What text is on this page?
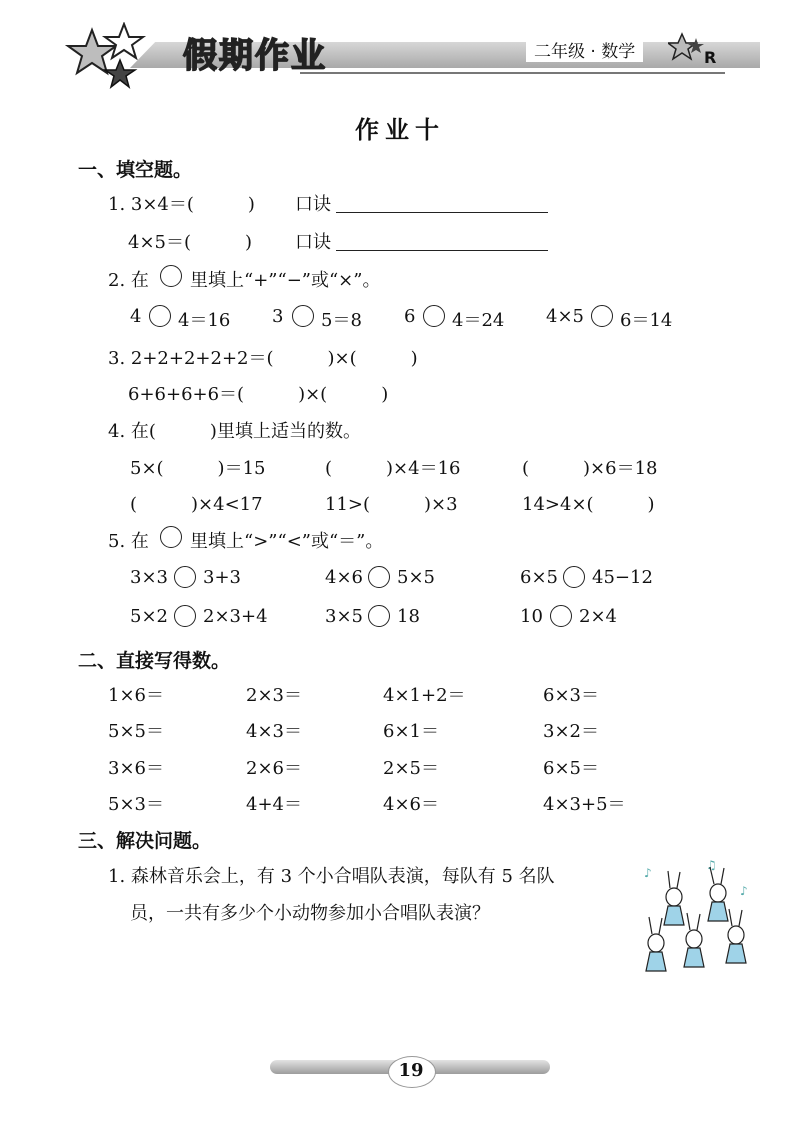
假期作业	二年级 · 数学	R
作业十
一、填空题。
1. 3×4＝(　　　) 口诀
4×5＝(　　　) 口诀
2. 在 里填上“+”“−”或“×”。
4 4＝16 3 5＝8 6 4＝24 4×5 6＝14
3. 2+2+2+2+2＝(　　　)×(　　　)
6+6+6+6＝(　　　)×(　　　)
4. 在(　　　)里填上适当的数。
5×(　　　)＝15	(　　　)×4＝16	(　　　)×6＝18
(　　　)×4<17	11>(　　　)×3	14>4×(　　　)
5. 在 里填上“>”“<”或“＝”。
3×3 3+3	4×6 5×5	6×5 45−12
5×2 2×3+4	3×5 18	10 2×4
二、直接写得数。
1×6＝	2×3＝	4×1+2＝	6×3＝
5×5＝	4×3＝	6×1＝	3×2＝
3×6＝	2×6＝	2×5＝	6×5＝
5×3＝	4+4＝	4×6＝	4×3+5＝
三、解决问题。
1. 森林音乐会上，有 3 个小合唱队表演，每队有 5 名队
员，一共有多少个小动物参加小合唱队表演？
♪
♫
♪
19
